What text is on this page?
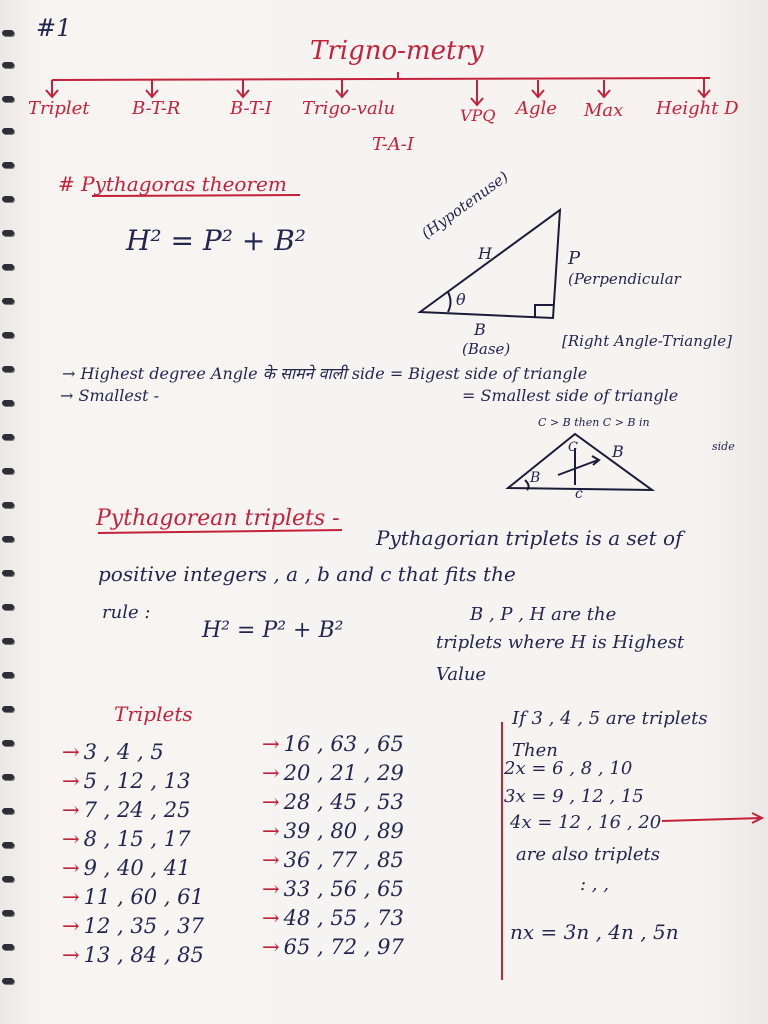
#1
Trigno-metry
Triplet B-T-R	B-T-I Trigo-valu	VPQ Agle Max Height D
T-A-I
# Pythagoras theorem
H² = P² + B²	(Hypotenuse)
H	P
(Perpendicular
θ
B
(Base)	[Right Angle-Triangle]
→ Highest degree Angle के सामने वाली side = Bigest side of triangle
→ Smallest -	= Smallest side of triangle
C > B then C > B in
side
C B
B
c
Pythagorean triplets -
Pythagorian triplets is a set of
positive integers , a , b and c that fits the
rule :
H² = P² + B²
B , P , H are the
triplets where H is Highest
Value
Triplets
→ 3 , 4 , 5
→ 5 , 12 , 13
→ 7 , 24 , 25
→ 8 , 15 , 17
→ 9 , 40 , 41
→ 11 , 60 , 61
→ 12 , 35 , 37
→ 13 , 84 , 85
→ 16 , 63 , 65
→ 20 , 21 , 29
→ 28 , 45 , 53
→ 39 , 80 , 89
→ 36 , 77 , 85
→ 33 , 56 , 65
→ 48 , 55 , 73
→ 65 , 72 , 97
If 3 , 4 , 5 are triplets
Then
2x = 6 , 8 , 10
3x = 9 , 12 , 15
4x = 12 , 16 , 20
are also triplets
: , ,
nx = 3n , 4n , 5n
